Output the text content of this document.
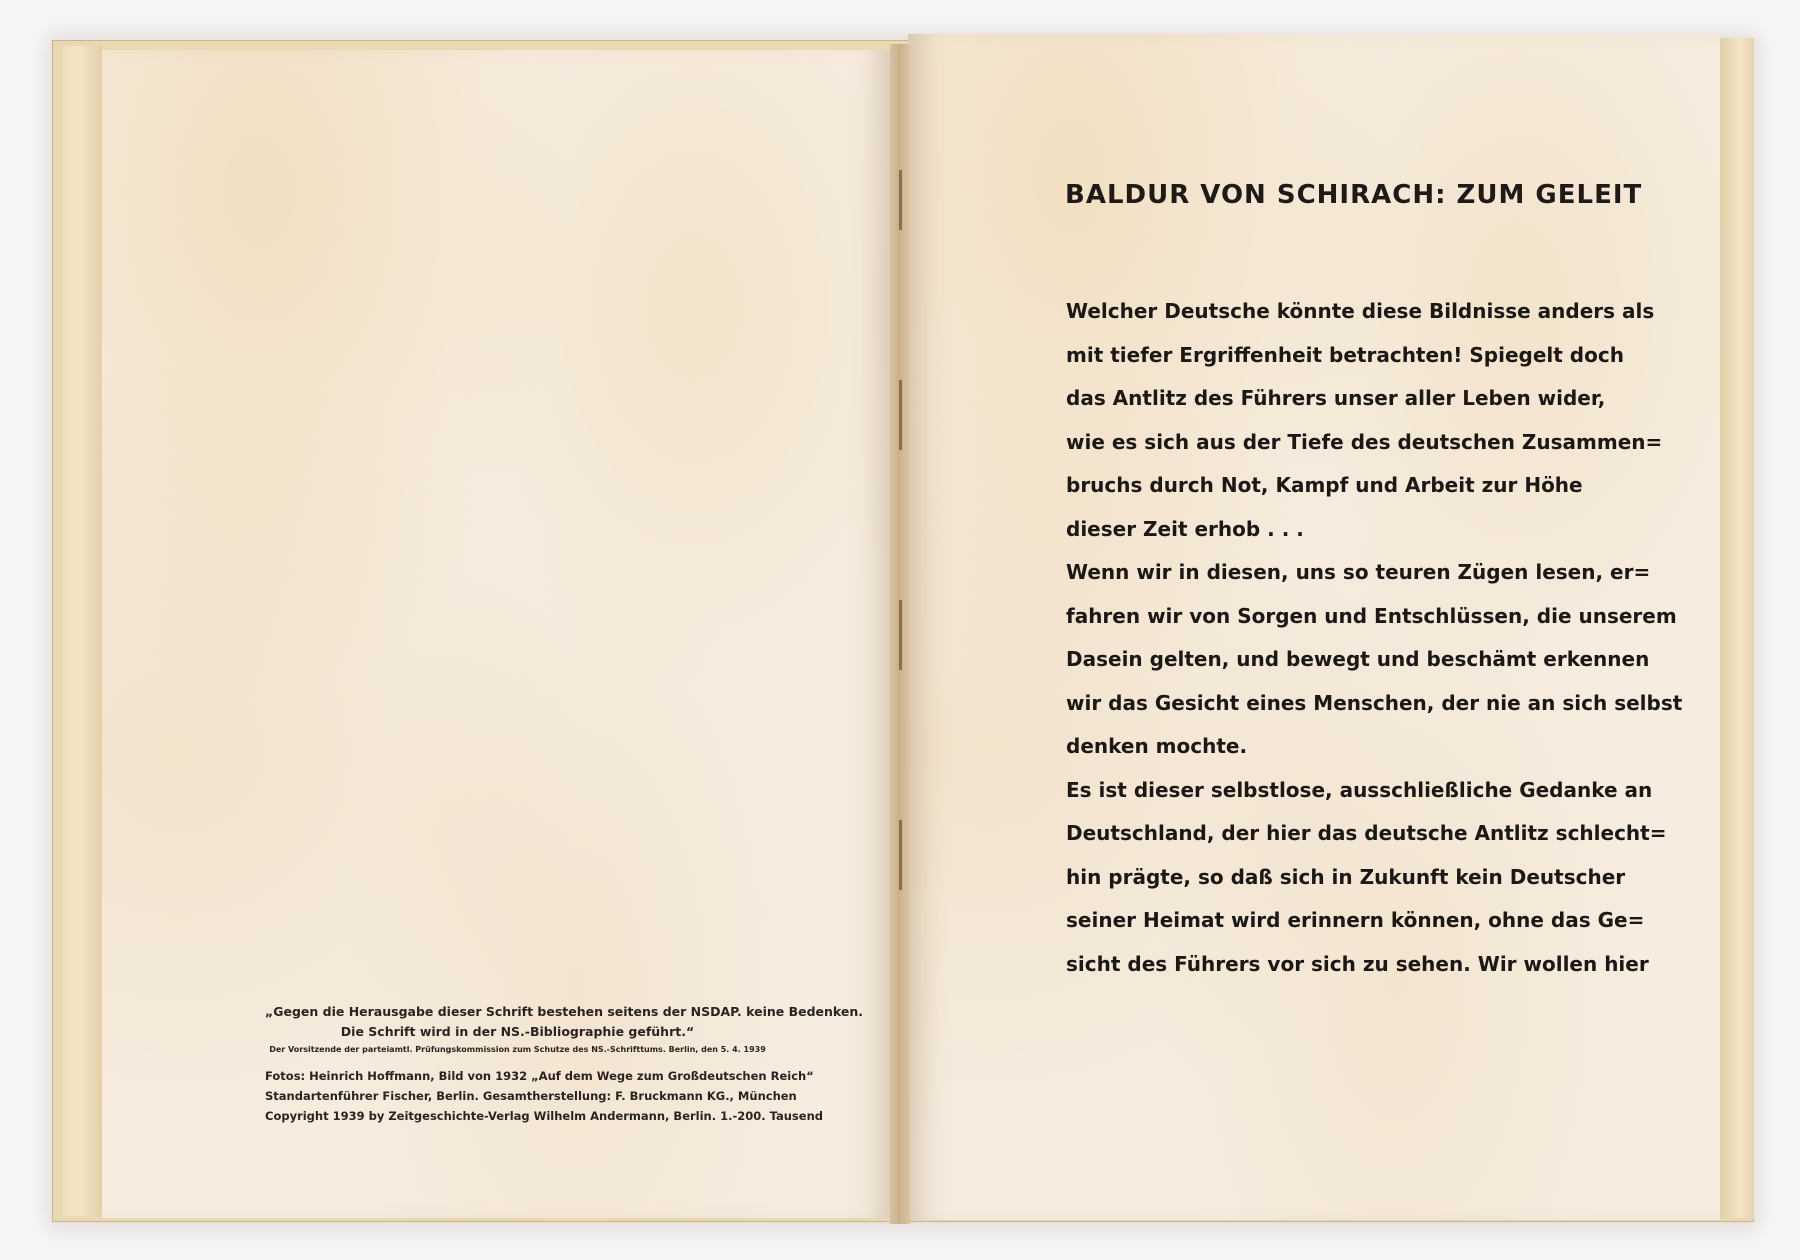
BALDUR VON SCHIRACH: ZUM GELEIT
Welcher Deutsche könnte diese Bildnisse anders als
mit tiefer Ergriffenheit betrachten! Spiegelt doch
das Antlitz des Führers unser aller Leben wider,
wie es sich aus der Tiefe des deutschen Zusammen=
bruchs durch Not, Kampf und Arbeit zur Höhe
dieser Zeit erhob . . .
Wenn wir in diesen, uns so teuren Zügen lesen, er=
fahren wir von Sorgen und Entschlüssen, die unserem
Dasein gelten, und bewegt und beschämt erkennen
wir das Gesicht eines Menschen, der nie an sich selbst
denken mochte.
Es ist dieser selbstlose, ausschließliche Gedanke an
Deutschland, der hier das deutsche Antlitz schlecht=
hin prägte, so daß sich in Zukunft kein Deutscher
seiner Heimat wird erinnern können, ohne das Ge=
sicht des Führers vor sich zu sehen. Wir wollen hier
„Gegen die Herausgabe dieser Schrift bestehen seitens der NSDAP. keine Bedenken.
Die Schrift wird in der NS.-Bibliographie geführt.“
Der Vorsitzende der parteiamtl. Prüfungskommission zum Schutze des NS.-Schrifttums. Berlin, den 5. 4. 1939
Fotos: Heinrich Hoffmann, Bild von 1932 „Auf dem Wege zum Großdeutschen Reich“
Standartenführer Fischer, Berlin. Gesamtherstellung: F. Bruckmann KG., München
Copyright 1939 by Zeitgeschichte-Verlag Wilhelm Andermann, Berlin. 1.-200. Tausend
